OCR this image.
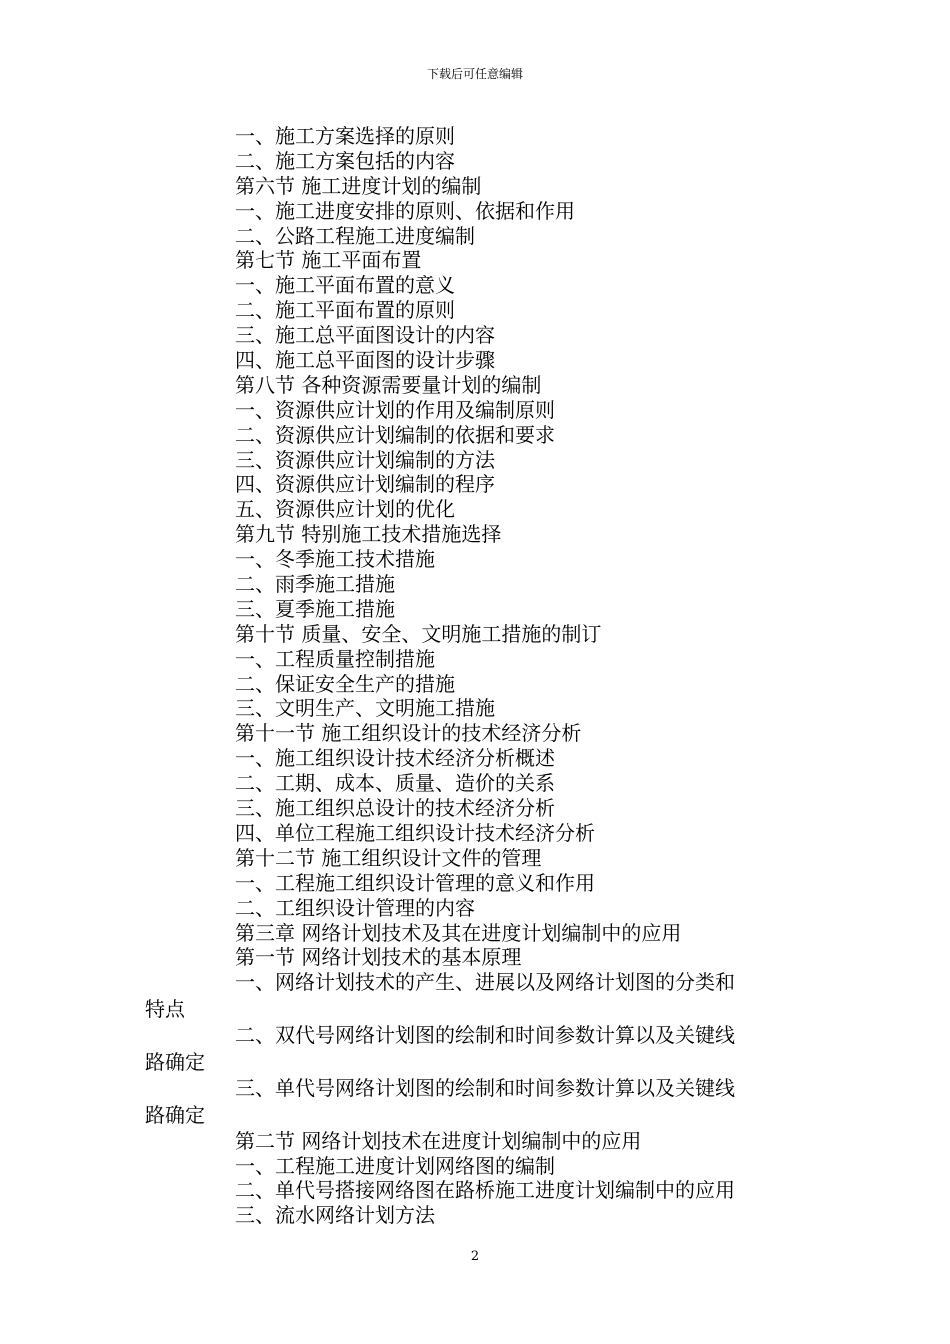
下载后可任意编辑
一、施工方案选择的原则
二、施工方案包括的内容
第六节 施工进度计划的编制
一、施工进度安排的原则、依据和作用
二、公路工程施工进度编制
第七节 施工平面布置
一、施工平面布置的意义
二、施工平面布置的原则
三、施工总平面图设计的内容
四、施工总平面图的设计步骤
第八节 各种资源需要量计划的编制
一、资源供应计划的作用及编制原则
二、资源供应计划编制的依据和要求
三、资源供应计划编制的方法
四、资源供应计划编制的程序
五、资源供应计划的优化
第九节 特别施工技术措施选择
一、冬季施工技术措施
二、雨季施工措施
三、夏季施工措施
第十节 质量、安全、文明施工措施的制订
一、工程质量控制措施
二、保证安全生产的措施
三、文明生产、文明施工措施
第十一节 施工组织设计的技术经济分析
一、施工组织设计技术经济分析概述
二、工期、成本、质量、造价的关系
三、施工组织总设计的技术经济分析
四、单位工程施工组织设计技术经济分析
第十二节 施工组织设计文件的管理
一、工程施工组织设计管理的意义和作用
二、工组织设计管理的内容
第三章 网络计划技术及其在进度计划编制中的应用
第一节 网络计划技术的基本原理
一、网络计划技术的产生、进展以及网络计划图的分类和
特点
二、双代号网络计划图的绘制和时间参数计算以及关键线
路确定
三、单代号网络计划图的绘制和时间参数计算以及关键线
路确定
第二节 网络计划技术在进度计划编制中的应用
一、工程施工进度计划网络图的编制
二、单代号搭接网络图在路桥施工进度计划编制中的应用
三、流水网络计划方法
2
